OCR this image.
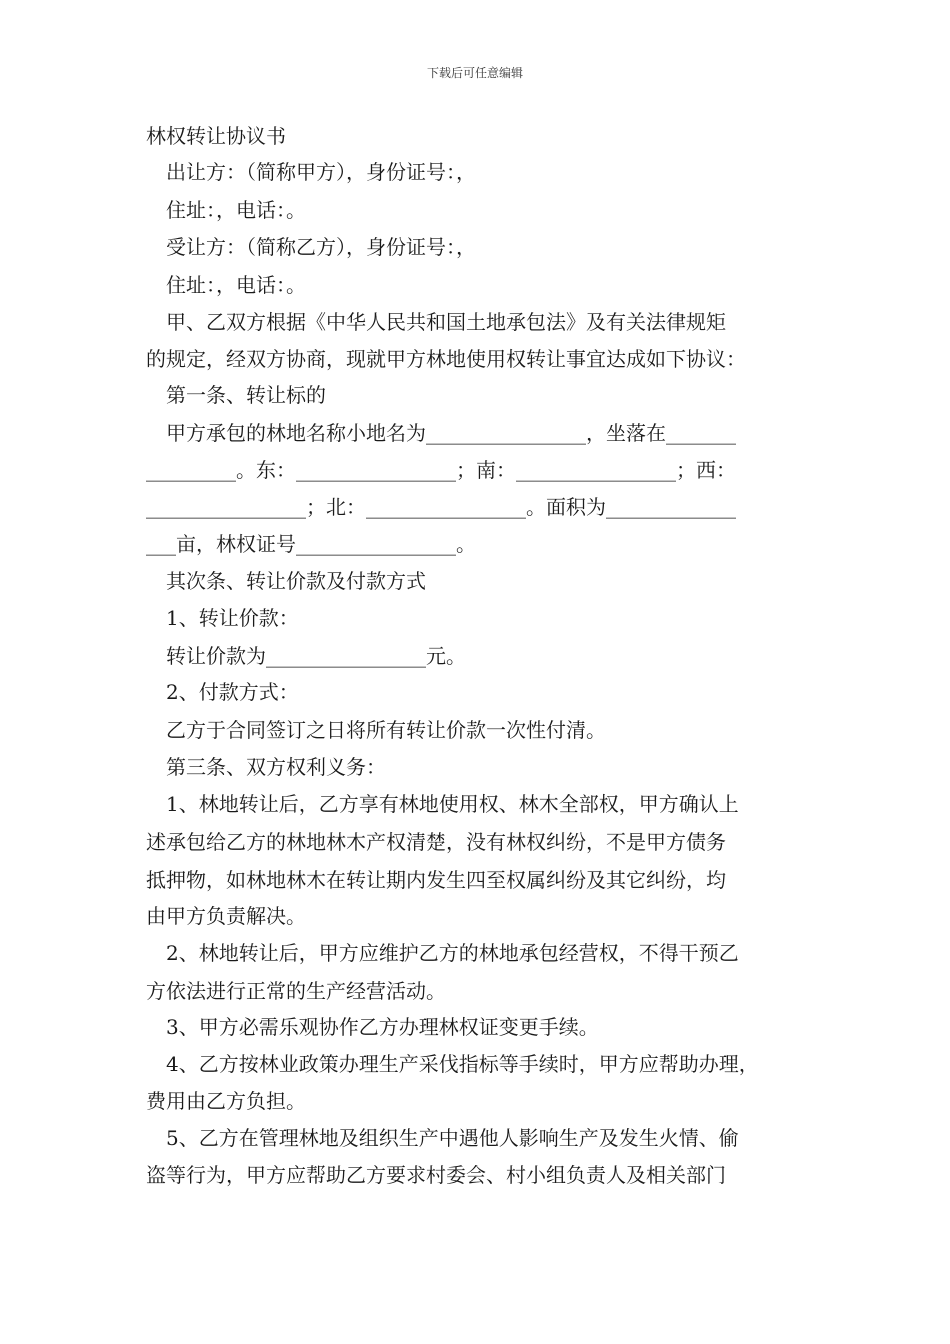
下载后可任意编辑
林权转让协议书
出让方：（简称甲方），身份证号：，
住址：，电话：。
受让方：（简称乙方），身份证号：，
住址：，电话：。
甲、乙双方根据《中华人民共和国土地承包法》及有关法律规矩
的规定，经双方协商，现就甲方林地使用权转让事宜达成如下协议：
第一条、转让标的
甲方承包的林地名称小地名为________________，坐落在_______
_________。东：________________；南：________________；西：
________________；北：________________。面积为_____________
___亩，林权证号________________。
其次条、转让价款及付款方式
1、转让价款：
转让价款为________________元。
2、付款方式：
乙方于合同签订之日将所有转让价款一次性付清。
第三条、双方权利义务：
1、林地转让后，乙方享有林地使用权、林木全部权，甲方确认上
述承包给乙方的林地林木产权清楚，没有林权纠纷，不是甲方债务
抵押物，如林地林木在转让期内发生四至权属纠纷及其它纠纷，均
由甲方负责解决。
2、林地转让后，甲方应维护乙方的林地承包经营权，不得干预乙
方依法进行正常的生产经营活动。
3、甲方必需乐观协作乙方办理林权证变更手续。
4、乙方按林业政策办理生产采伐指标等手续时，甲方应帮助办理，
费用由乙方负担。
5、乙方在管理林地及组织生产中遇他人影响生产及发生火情、偷
盗等行为，甲方应帮助乙方要求村委会、村小组负责人及相关部门
